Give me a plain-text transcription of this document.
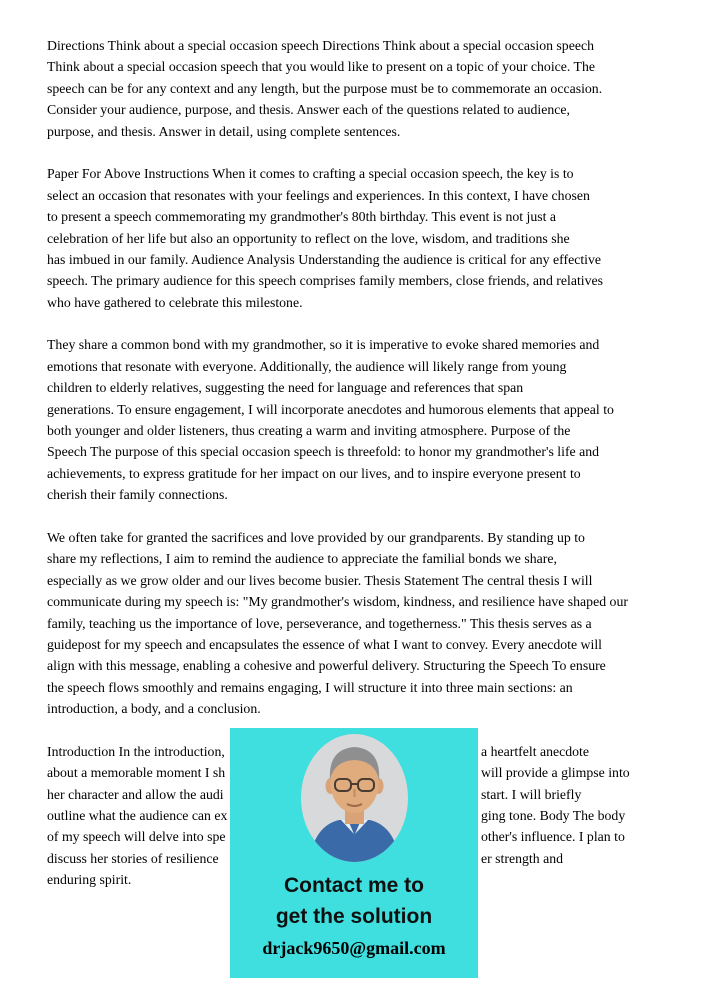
Directions Think about a special occasion speech Directions Think about a special occasion speech
Think about a special occasion speech that you would like to present on a topic of your choice. The
speech can be for any context and any length, but the purpose must be to commemorate an occasion.
Consider your audience, purpose, and thesis. Answer each of the questions related to audience,
purpose, and thesis. Answer in detail, using complete sentences.
Paper For Above Instructions When it comes to crafting a special occasion speech, the key is to
select an occasion that resonates with your feelings and experiences. In this context, I have chosen
to present a speech commemorating my grandmother's 80th birthday. This event is not just a
celebration of her life but also an opportunity to reflect on the love, wisdom, and traditions she
has imbued in our family. Audience Analysis Understanding the audience is critical for any effective
speech. The primary audience for this speech comprises family members, close friends, and relatives
who have gathered to celebrate this milestone.
They share a common bond with my grandmother, so it is imperative to evoke shared memories and
emotions that resonate with everyone. Additionally, the audience will likely range from young
children to elderly relatives, suggesting the need for language and references that span
generations. To ensure engagement, I will incorporate anecdotes and humorous elements that appeal to
both younger and older listeners, thus creating a warm and inviting atmosphere. Purpose of the
Speech The purpose of this special occasion speech is threefold: to honor my grandmother's life and
achievements, to express gratitude for her impact on our lives, and to inspire everyone present to
cherish their family connections.
We often take for granted the sacrifices and love provided by our grandparents. By standing up to
share my reflections, I aim to remind the audience to appreciate the familial bonds we share,
especially as we grow older and our lives become busier. Thesis Statement The central thesis I will
communicate during my speech is: "My grandmother's wisdom, kindness, and resilience have shaped our
family, teaching us the importance of love, perseverance, and togetherness." This thesis serves as a
guidepost for my speech and encapsulates the essence of what I want to convey. Every anecdote will
align with this message, enabling a cohesive and powerful delivery. Structuring the Speech To ensure
the speech flows smoothly and remains engaging, I will structure it into three main sections: an
introduction, a body, and a conclusion.
Introduction In the introduction,	a heartfelt anecdote
about a memorable moment I sh	will provide a glimpse into
her character and allow the audi	start. I will briefly
outline what the audience can ex	ging tone. Body The body
of my speech will delve into spe	other's influence. I plan to
discuss her stories of resilience	er strength and
enduring spirit.	Contact me to
get the solution
drjack9650@gmail.com
